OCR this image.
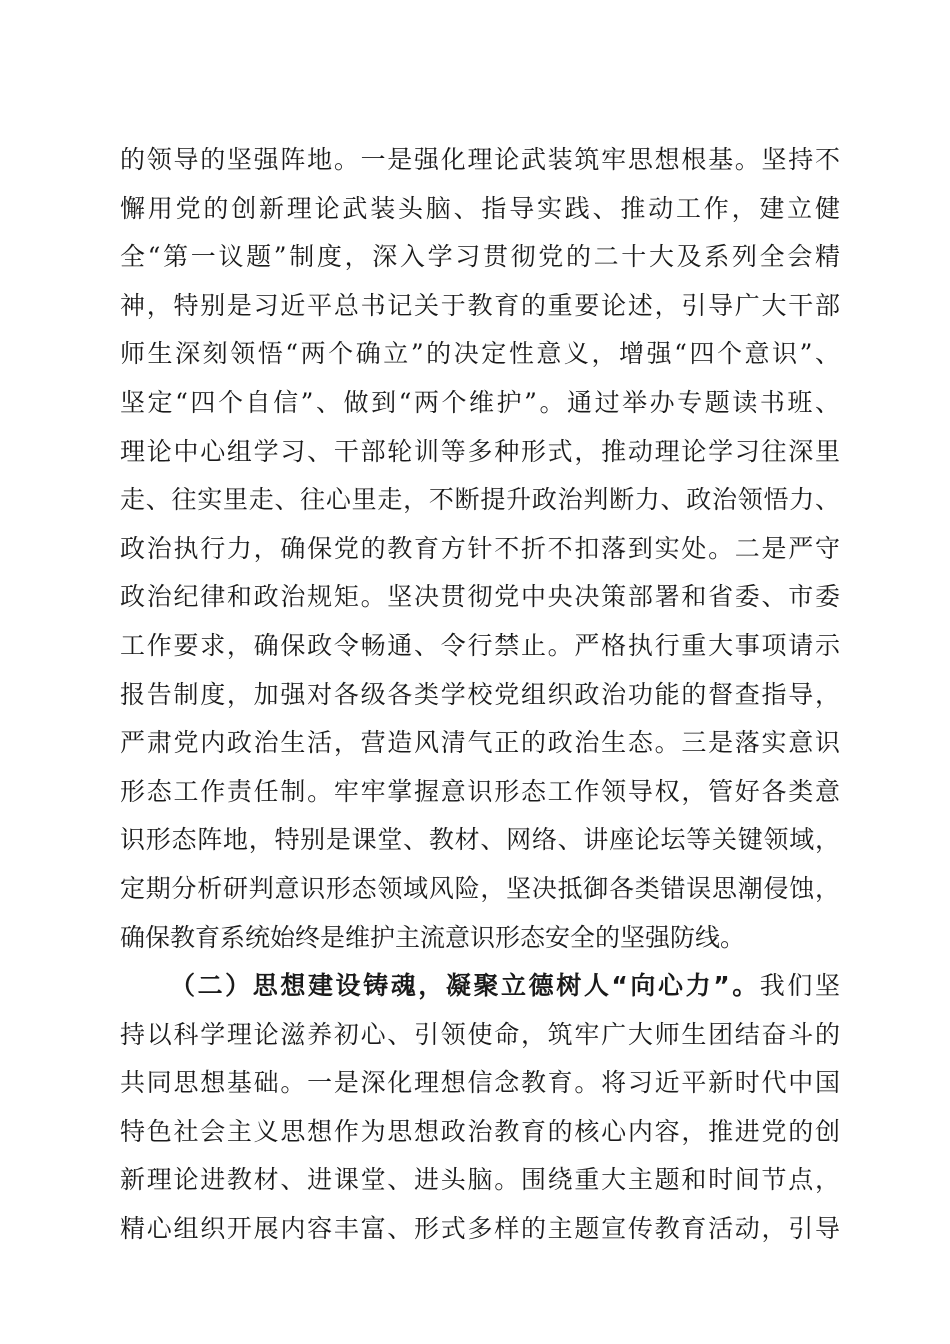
的领导的坚强阵地。一是强化理论武装筑牢思想根基。坚持不
懈用党的创新理论武装头脑、指导实践、推动工作，建立健
全“第一议题”制度，深入学习贯彻党的二十大及系列全会精
神，特别是习近平总书记关于教育的重要论述，引导广大干部
师生深刻领悟“两个确立”的决定性意义，增强“四个意识”、
坚定“四个自信”、做到“两个维护”。通过举办专题读书班、
理论中心组学习、干部轮训等多种形式，推动理论学习往深里
走、往实里走、往心里走，不断提升政治判断力、政治领悟力、
政治执行力，确保党的教育方针不折不扣落到实处。二是严守
政治纪律和政治规矩。坚决贯彻党中央决策部署和省委、市委
工作要求，确保政令畅通、令行禁止。严格执行重大事项请示
报告制度，加强对各级各类学校党组织政治功能的督查指导，
严肃党内政治生活，营造风清气正的政治生态。三是落实意识
形态工作责任制。牢牢掌握意识形态工作领导权，管好各类意
识形态阵地，特别是课堂、教材、网络、讲座论坛等关键领域，
定期分析研判意识形态领域风险，坚决抵御各类错误思潮侵蚀，
确保教育系统始终是维护主流意识形态安全的坚强防线。
（二）思想建设铸魂，凝聚立德树人“向心力”。我们坚
持以科学理论滋养初心、引领使命，筑牢广大师生团结奋斗的
共同思想基础。一是深化理想信念教育。将习近平新时代中国
特色社会主义思想作为思想政治教育的核心内容，推进党的创
新理论进教材、进课堂、进头脑。围绕重大主题和时间节点，
精心组织开展内容丰富、形式多样的主题宣传教育活动，引导
